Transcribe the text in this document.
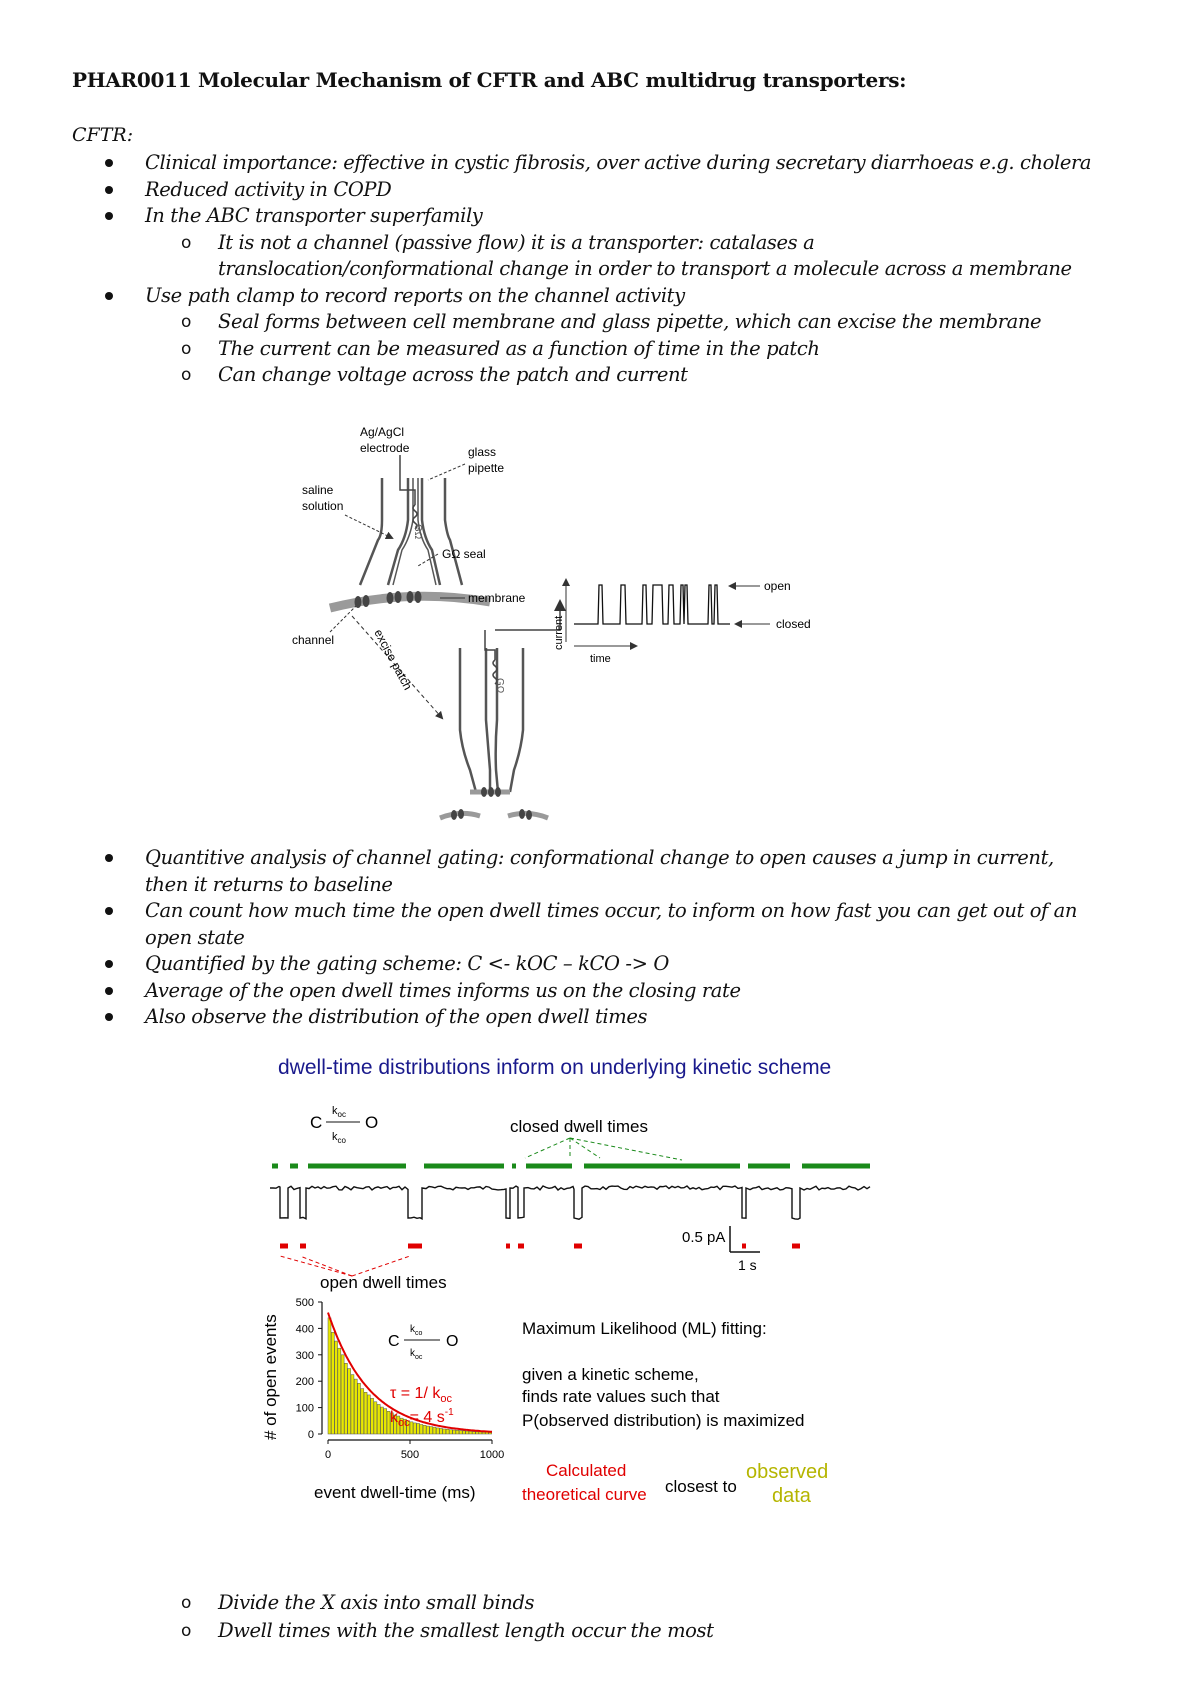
PHAR0011 Molecular Mechanism of CFTR and ABC multidrug transporters:
CFTR:
Clinical importance: effective in cystic fibrosis, over active during secretary diarrhoeas e.g. cholera
Reduced activity in COPD
In the ABC transporter superfamily
It is not a channel (passive flow) it is a transporter: catalases a
o
translocation/conformational change in order to transport a molecule across a membrane
Use path clamp to record reports on the channel activity
Seal forms between cell membrane and glass pipette, which can excise the membrane
o
The current can be measured as a function of time in the patch
o
Can change voltage across the patch and current
o
GΩ
Ag/AgCl
electrode	glass
pipette
saline
solution
GΩ seal
membrane
channel	excise patch	GΩ
current
time
open
closed
Quantitive analysis of channel gating: conformational change to open causes a jump in current,
then it returns to baseline
Can count how much time the open dwell times occur, to inform on how fast you can get out of an
open state
Quantified by the gating scheme: C <- kOC – kCO -> O
Average of the open dwell times informs us on the closing rate
Also observe the distribution of the open dwell times
dwell-time distributions inform on underlying kinetic scheme
C
$k_{oc}$
$k_{co}$
O	closed dwell times
0.5 pA
1 s
open dwell times
0
100
200
300
400
500
0	500	1000
event dwell-time (ms)
# of open events	C
$k_{co}$
$k_{oc}$
O
τ = 1/ $k_{oc}$
$k_{oc}= 4$ $s^{-1}$
Maximum Likelihood (ML) fitting:
given a kinetic scheme,
finds rate values such that
P(observed distribution) is maximized
Calculated
theoretical curve closest to
observed
data
Divide the X axis into small binds
o
Dwell times with the smallest length occur the most
o
